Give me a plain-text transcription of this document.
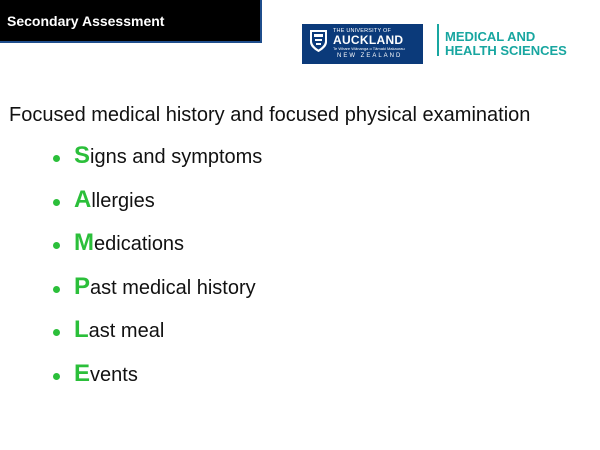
Secondary Assessment
THE UNIVERSITY OF
AUCKLAND
Te Whare Wānanga o Tāmaki Makaurau
NEW ZEALAND
MEDICAL AND
HEALTH SCIENCES
Focused medical history and focused physical examination
Signs and symptoms
Allergies
Medications
Past medical history
Last meal
Events
